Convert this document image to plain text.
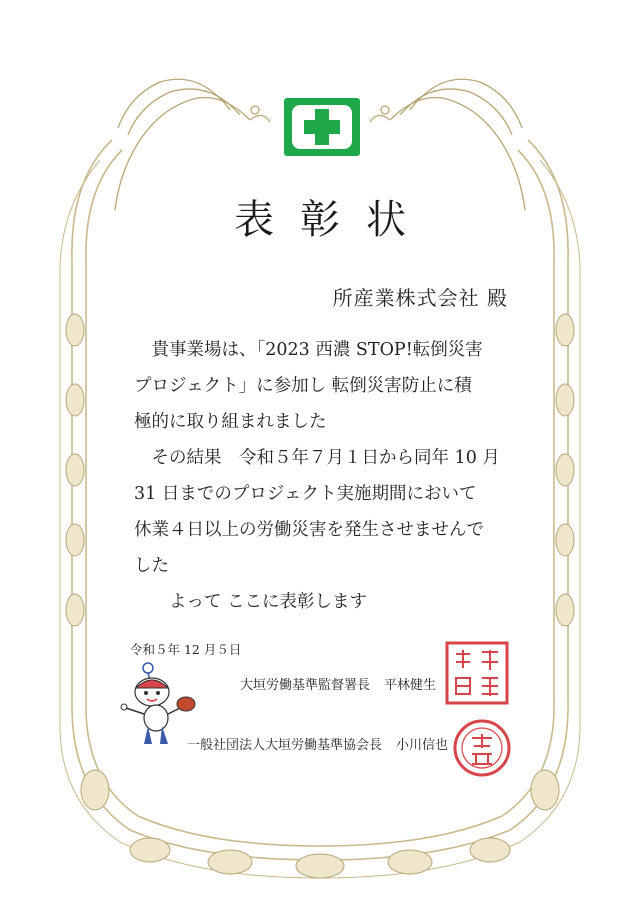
表彰状
所産業株式会社 殿
　貴事業場は、「2023 西濃 STOP!転倒災害
プロジェクト」に参加し 転倒災害防止に積
極的に取り組まれました
　その結果　令和５年７月１日から同年 10 月
31 日までのプロジェクト実施期間において
休業４日以上の労働災害を発生させませんで
した
　　よって ここに表彰します
令和５年 12 月５日
大垣労働基準監督署長 平林健生
一般社団法人大垣労働基準協会長 小川信也
